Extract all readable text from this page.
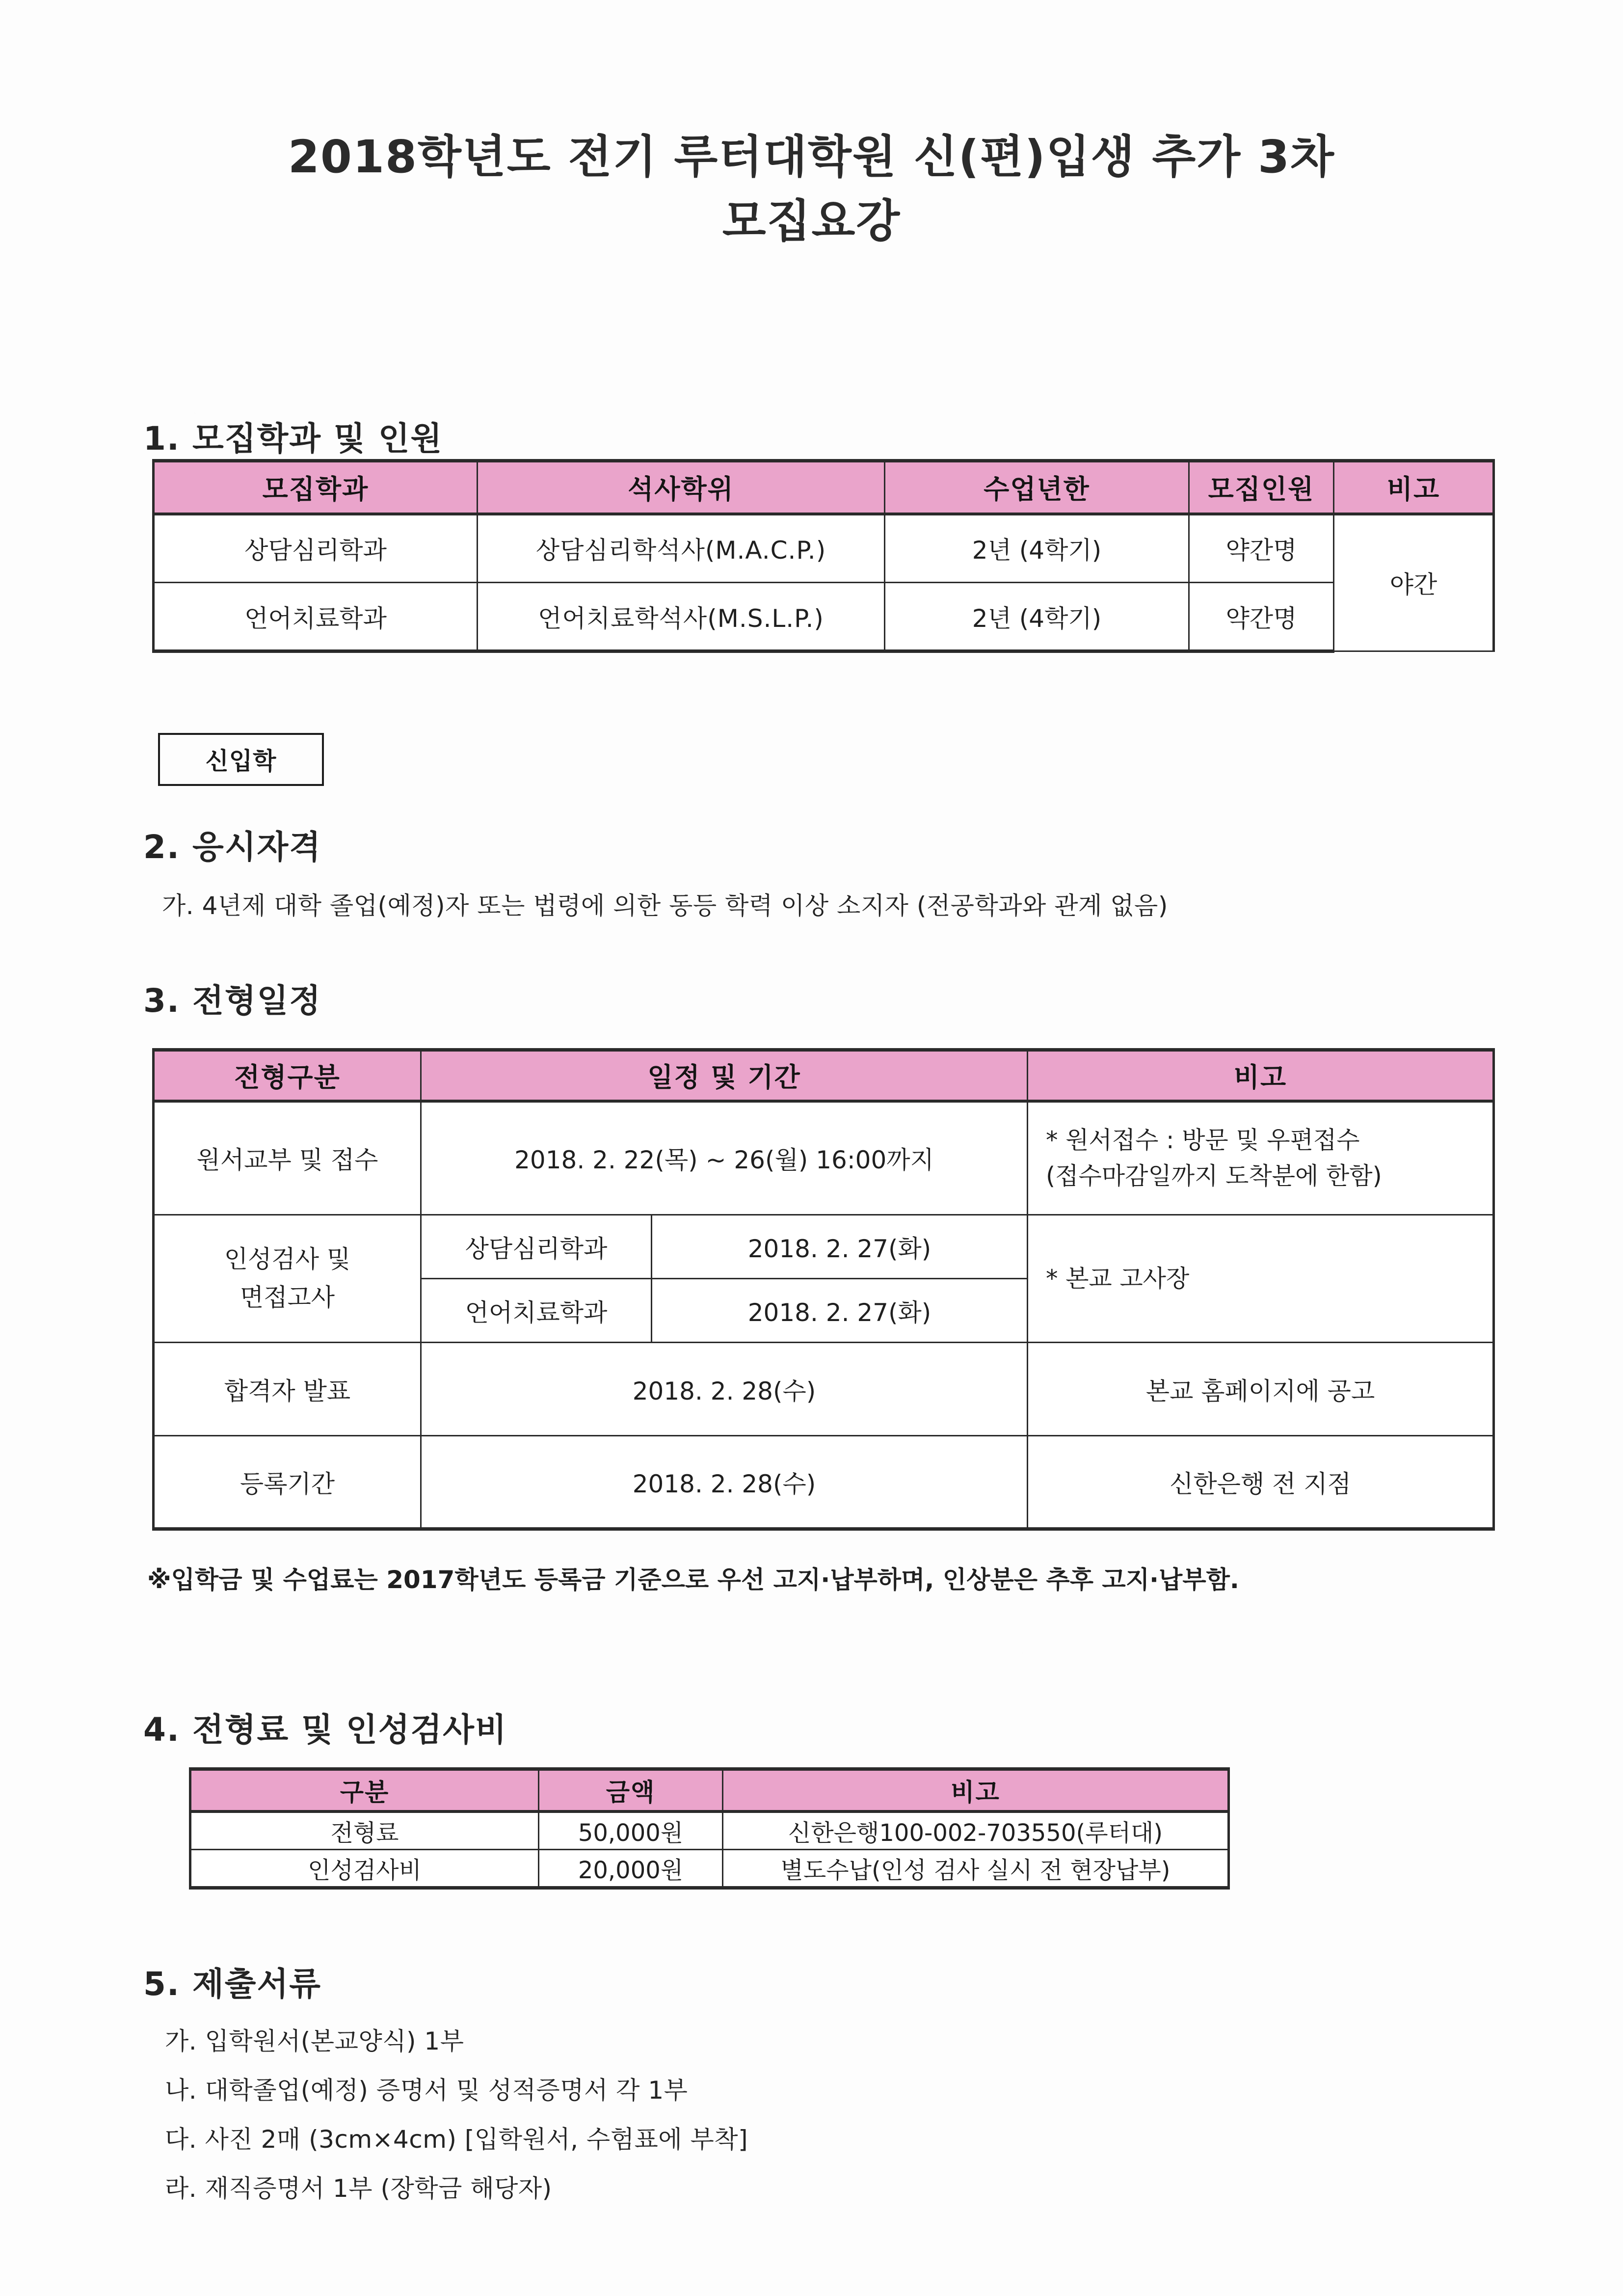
2018학년도 전기 루터대학원 신(편)입생 추가 3차
모집요강
1. 모집학과 및 인원
모집학과	석사학위	수업년한	모집인원	비고
상담심리학과	상담심리학석사(M.A.C.P.)	2년 (4학기)	약간명	야간
언어치료학과	언어치료학석사(M.S.L.P.)	2년 (4학기)	약간명	
신입학
2. 응시자격
가. 4년제 대학 졸업(예정)자 또는 법령에 의한 동등 학력 이상 소지자 (전공학과와 관계 없음)
3. 전형일정
전형구분	일정 및 기간		비고
원서교부 및 접수	2018. 2. 22(목) ~ 26(월) 16:00까지		* 원서접수 : 방문 및 우편접수
(접수마감일까지 도착분에 한함)

인성검사 및
면접고사	상담심리학과	2018. 2. 27(화)	* 본교 고사장

	언어치료학과	2018. 2. 27(화)	
합격자 발표	2018. 2. 28(수)		본교 홈페이지에 공고
등록기간	2018. 2. 28(수)		신한은행 전 지점
※입학금 및 수업료는 2017학년도 등록금 기준으로 우선 고지·납부하며, 인상분은 추후 고지·납부함.
4. 전형료 및 인성검사비
구분	금액	비고
전형료	50,000원	신한은행100-002-703550(루터대)
인성검사비	20,000원	별도수납(인성 검사 실시 전 현장납부)
5. 제출서류
가. 입학원서(본교양식) 1부
나. 대학졸업(예정) 증명서 및 성적증명서 각 1부
다. 사진 2매 (3cm×4cm) [입학원서, 수험표에 부착]
라. 재직증명서 1부 (장학금 해당자)
